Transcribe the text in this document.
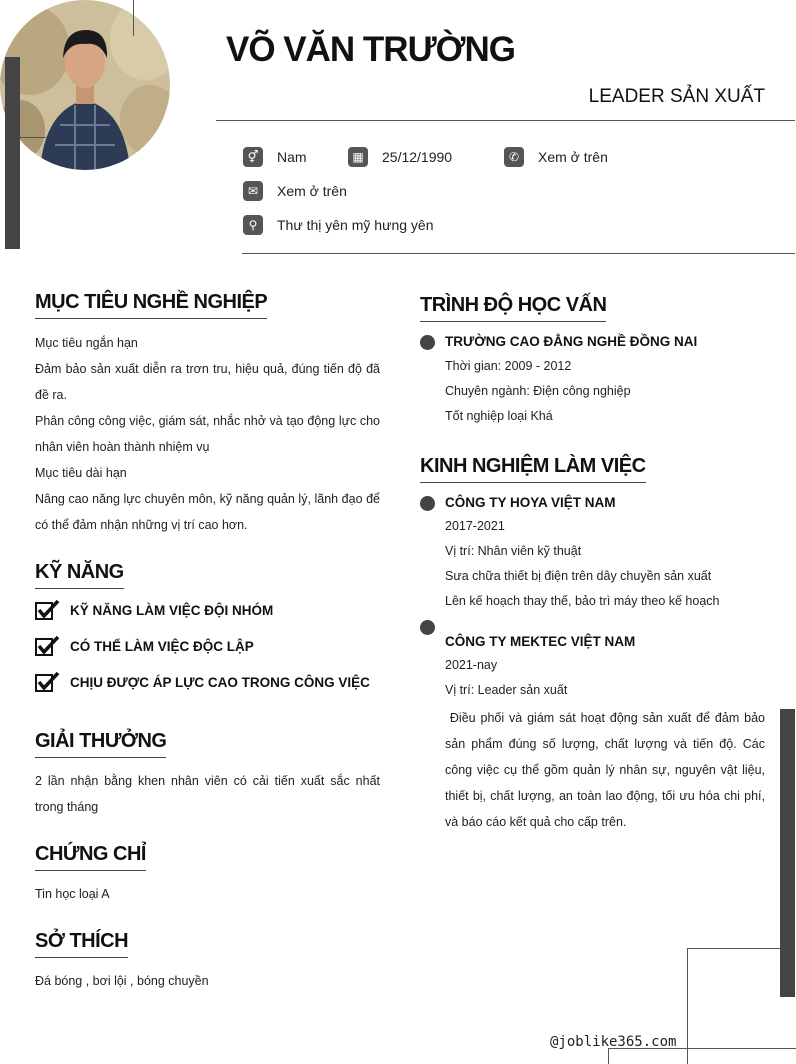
VÕ VĂN TRƯỜNG
LEADER SẢN XUẤT
⚥	Nam	▦	25/12/1990	✆	Xem ở trên
✉	Xem ở trên
⚲	Thư thị yên mỹ hưng yên
MỤC TIÊU NGHỀ NGHIỆP

Mục tiêu ngắn hạn

Đảm bảo sản xuất diễn ra trơn tru, hiệu quả, đúng tiến độ đã đề ra.

Phân công công việc, giám sát, nhắc nhở và tạo động lực cho nhân viên hoàn thành nhiệm vụ

Mục tiêu dài hạn

Nâng cao năng lực chuyên môn, kỹ năng quản lý, lãnh đạo để có thể đảm nhận những vị trí cao hơn.

KỸ NĂNG
KỸ NĂNG LÀM VIỆC ĐỘI NHÓM
CÓ THỂ LÀM VIỆC ĐỘC LẬP
CHỊU ĐƯỢC ÁP LỰC CAO TRONG CÔNG VIỆC
GIẢI THƯỞNG
2 lần nhận bằng khen nhân viên có cải tiến xuất sắc nhất trong tháng
CHỨNG CHỈ
Tin học loại A
SỞ THÍCH
Đá bóng , bơi lội , bóng chuyền
TRÌNH ĐỘ HỌC VẤN
TRƯỜNG CAO ĐẲNG NGHỀ ĐỒNG NAI

Thời gian: 2009 - 2012

Chuyên ngành: Điện công nghiệp

Tốt nghiệp loại Khá

KINH NGHIỆM LÀM VIỆC
CÔNG TY HOYA VIỆT NAM

2017-2021

Vị trí: Nhân viên kỹ thuật

Sưa chữa thiết bị điện trên dây chuyền sản xuất

Lên kế hoạch thay thế, bảo trì máy theo kế hoạch

CÔNG TY MEKTEC VIỆT NAM

2021-nay

Vị trí: Leader sản xuất

Điều phối và giám sát hoạt động sản xuất để đảm bảo sản phẩm đúng số lượng, chất lượng và tiến độ. Các công việc cụ thể gồm quản lý nhân sự, nguyên vật liệu, thiết bị, chất lượng, an toàn lao động, tối ưu hóa chi phí, và báo cáo kết quả cho cấp trên.

@joblike365.com
